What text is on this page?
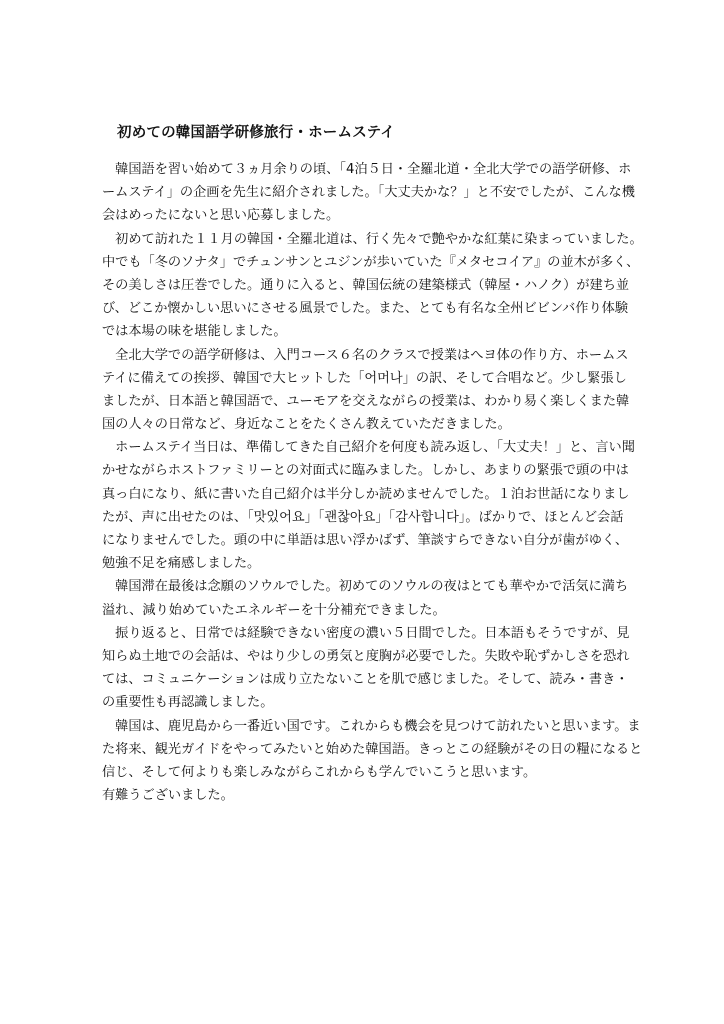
初めての韓国語学研修旅行・ホームステイ
　韓国語を習い始めて３ヵ月余りの頃、「4泊５日・全羅北道・全北大学での語学研修、ホ
ームステイ」の企画を先生に紹介されました。「大丈夫かな？」と不安でしたが、こんな機
会はめったにないと思い応募しました。
　初めて訪れた１１月の韓国・全羅北道は、行く先々で艶やかな紅葉に染まっていました。
中でも「冬のソナタ」でチュンサンとユジンが歩いていた『メタセコイア』の並木が多く、
その美しさは圧巻でした。通りに入ると、韓国伝統の建築様式（韓屋・ハノク）が建ち並
び、どこか懐かしい思いにさせる風景でした。また、とても有名な全州ビビンバ作り体験
では本場の味を堪能しました。
　全北大学での語学研修は、入門コース６名のクラスで授業はへヨ体の作り方、ホームス
テイに備えての挨拶、韓国で大ヒットした「어머나」の訳、そして合唱など。少し緊張し
ましたが、日本語と韓国語で、ユーモアを交えながらの授業は、わかり易く楽しくまた韓
国の人々の日常など、身近なことをたくさん教えていただきました。
　ホームステイ当日は、準備してきた自己紹介を何度も読み返し、「大丈夫！」と、言い聞
かせながらホストファミリーとの対面式に臨みました。しかし、あまりの緊張で頭の中は
真っ白になり、紙に書いた自己紹介は半分しか読めませんでした。１泊お世話になりまし
たが、声に出せたのは、「맛있어요」「괜찮아요」「감사합니다」。ばかりで、ほとんど会話
になりませんでした。頭の中に単語は思い浮かばず、筆談すらできない自分が歯がゆく、
勉強不足を痛感しました。
　韓国滞在最後は念願のソウルでした。初めてのソウルの夜はとても華やかで活気に満ち
溢れ、減り始めていたエネルギーを十分補充できました。
　振り返ると、日常では経験できない密度の濃い５日間でした。日本語もそうですが、見
知らぬ土地での会話は、やはり少しの勇気と度胸が必要でした。失敗や恥ずかしさを恐れ
ては、コミュニケーションは成り立たないことを肌で感じました。そして、読み・書き・
の重要性も再認識しました。
　韓国は、鹿児島から一番近い国です。これからも機会を見つけて訪れたいと思います。ま
た将来、観光ガイドをやってみたいと始めた韓国語。きっとこの経験がその日の糧になると
信じ、そして何よりも楽しみながらこれからも学んでいこうと思います。
有難うございました。
